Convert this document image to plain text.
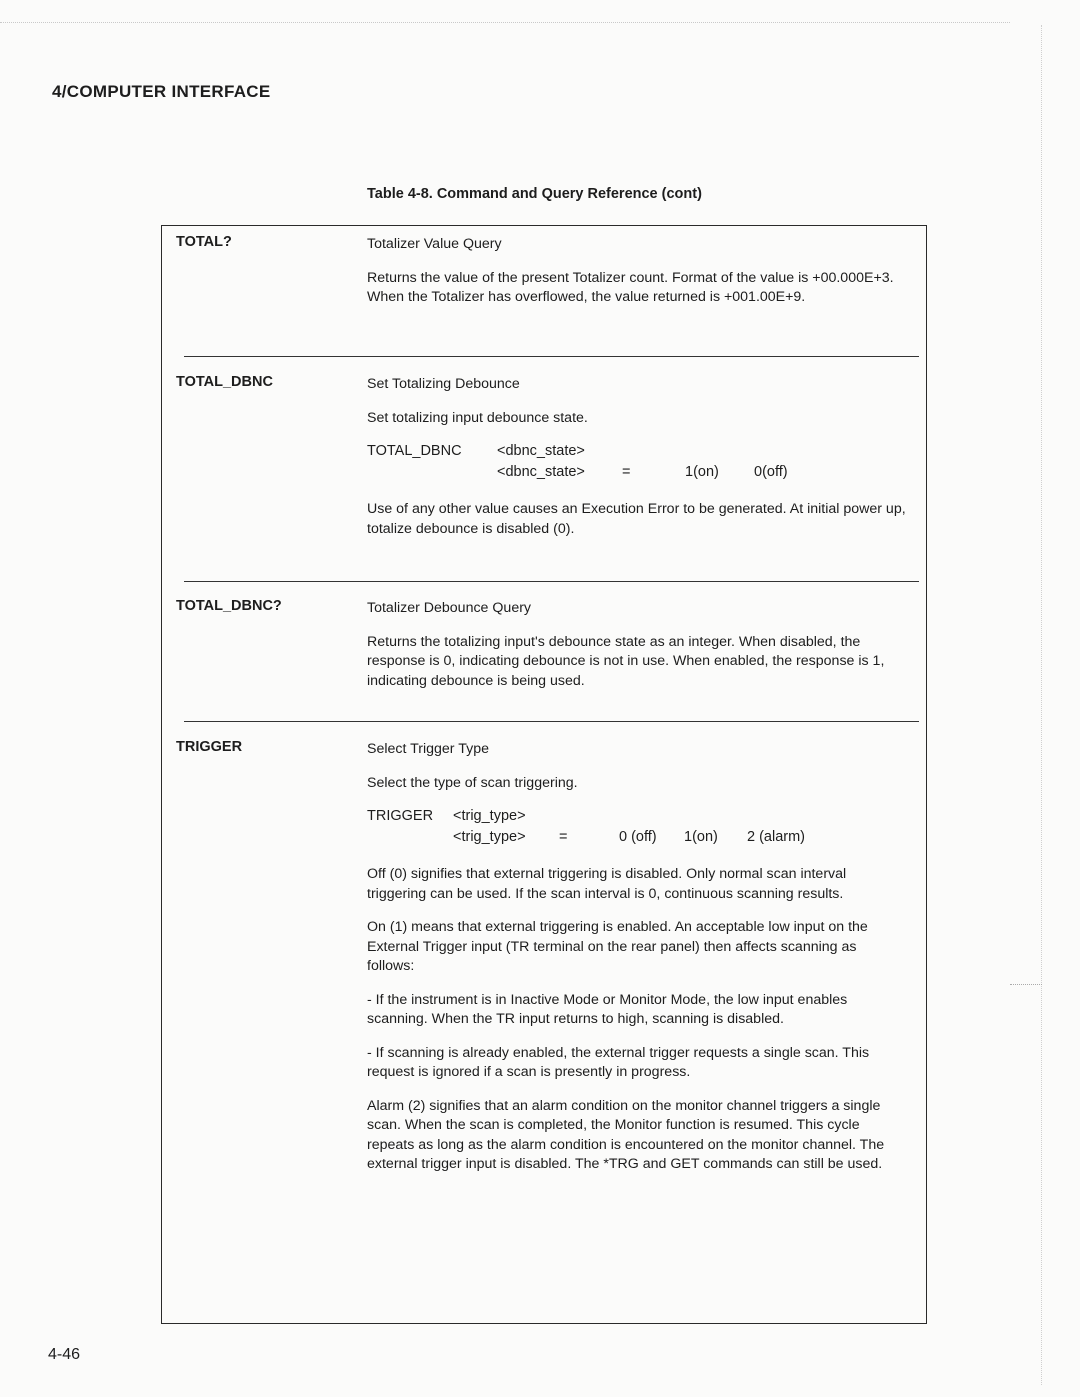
4/COMPUTER INTERFACE
Table 4-8. Command and Query Reference (cont)
TOTAL?	Totalizer Value Query

Returns the value of the present Totalizer count. Format of the value is +00.000E+3. When the Totalizer has overflowed, the value returned is +001.00E+9.

TOTAL_DBNC	Set Totalizing Debounce

Set totalizing input debounce state.

TOTAL_DBNC <dbnc_state>
<dbnc_state>	=	1(on) 0(off)

Use of any other value causes an Execution Error to be generated. At initial power up, totalize debounce is disabled (0).

TOTAL_DBNC?	Totalizer Debounce Query

Returns the totalizing input's debounce state as an integer. When disabled, the response is 0, indicating debounce is not in use. When enabled, the response is 1, indicating debounce is being used.

TRIGGER	Select Trigger Type

Select the type of scan triggering.

TRIGGER <trig_type>
<trig_type> =	0 (off) 1(on) 2 (alarm)

Off (0) signifies that external triggering is disabled. Only normal scan interval triggering can be used. If the scan interval is 0, continuous scanning results.

On (1) means that external triggering is enabled. An acceptable low input on the External Trigger input (TR terminal on the rear panel) then affects scanning as follows:

- If the instrument is in Inactive Mode or Monitor Mode, the low input enables scanning. When the TR input returns to high, scanning is disabled.

- If scanning is already enabled, the external trigger requests a single scan. This request is ignored if a scan is presently in progress.

Alarm (2) signifies that an alarm condition on the monitor channel triggers a single scan. When the scan is completed, the Monitor function is resumed. This cycle repeats as long as the alarm condition is encountered on the monitor channel. The external trigger input is disabled. The *TRG and GET commands can still be used.

4-46
